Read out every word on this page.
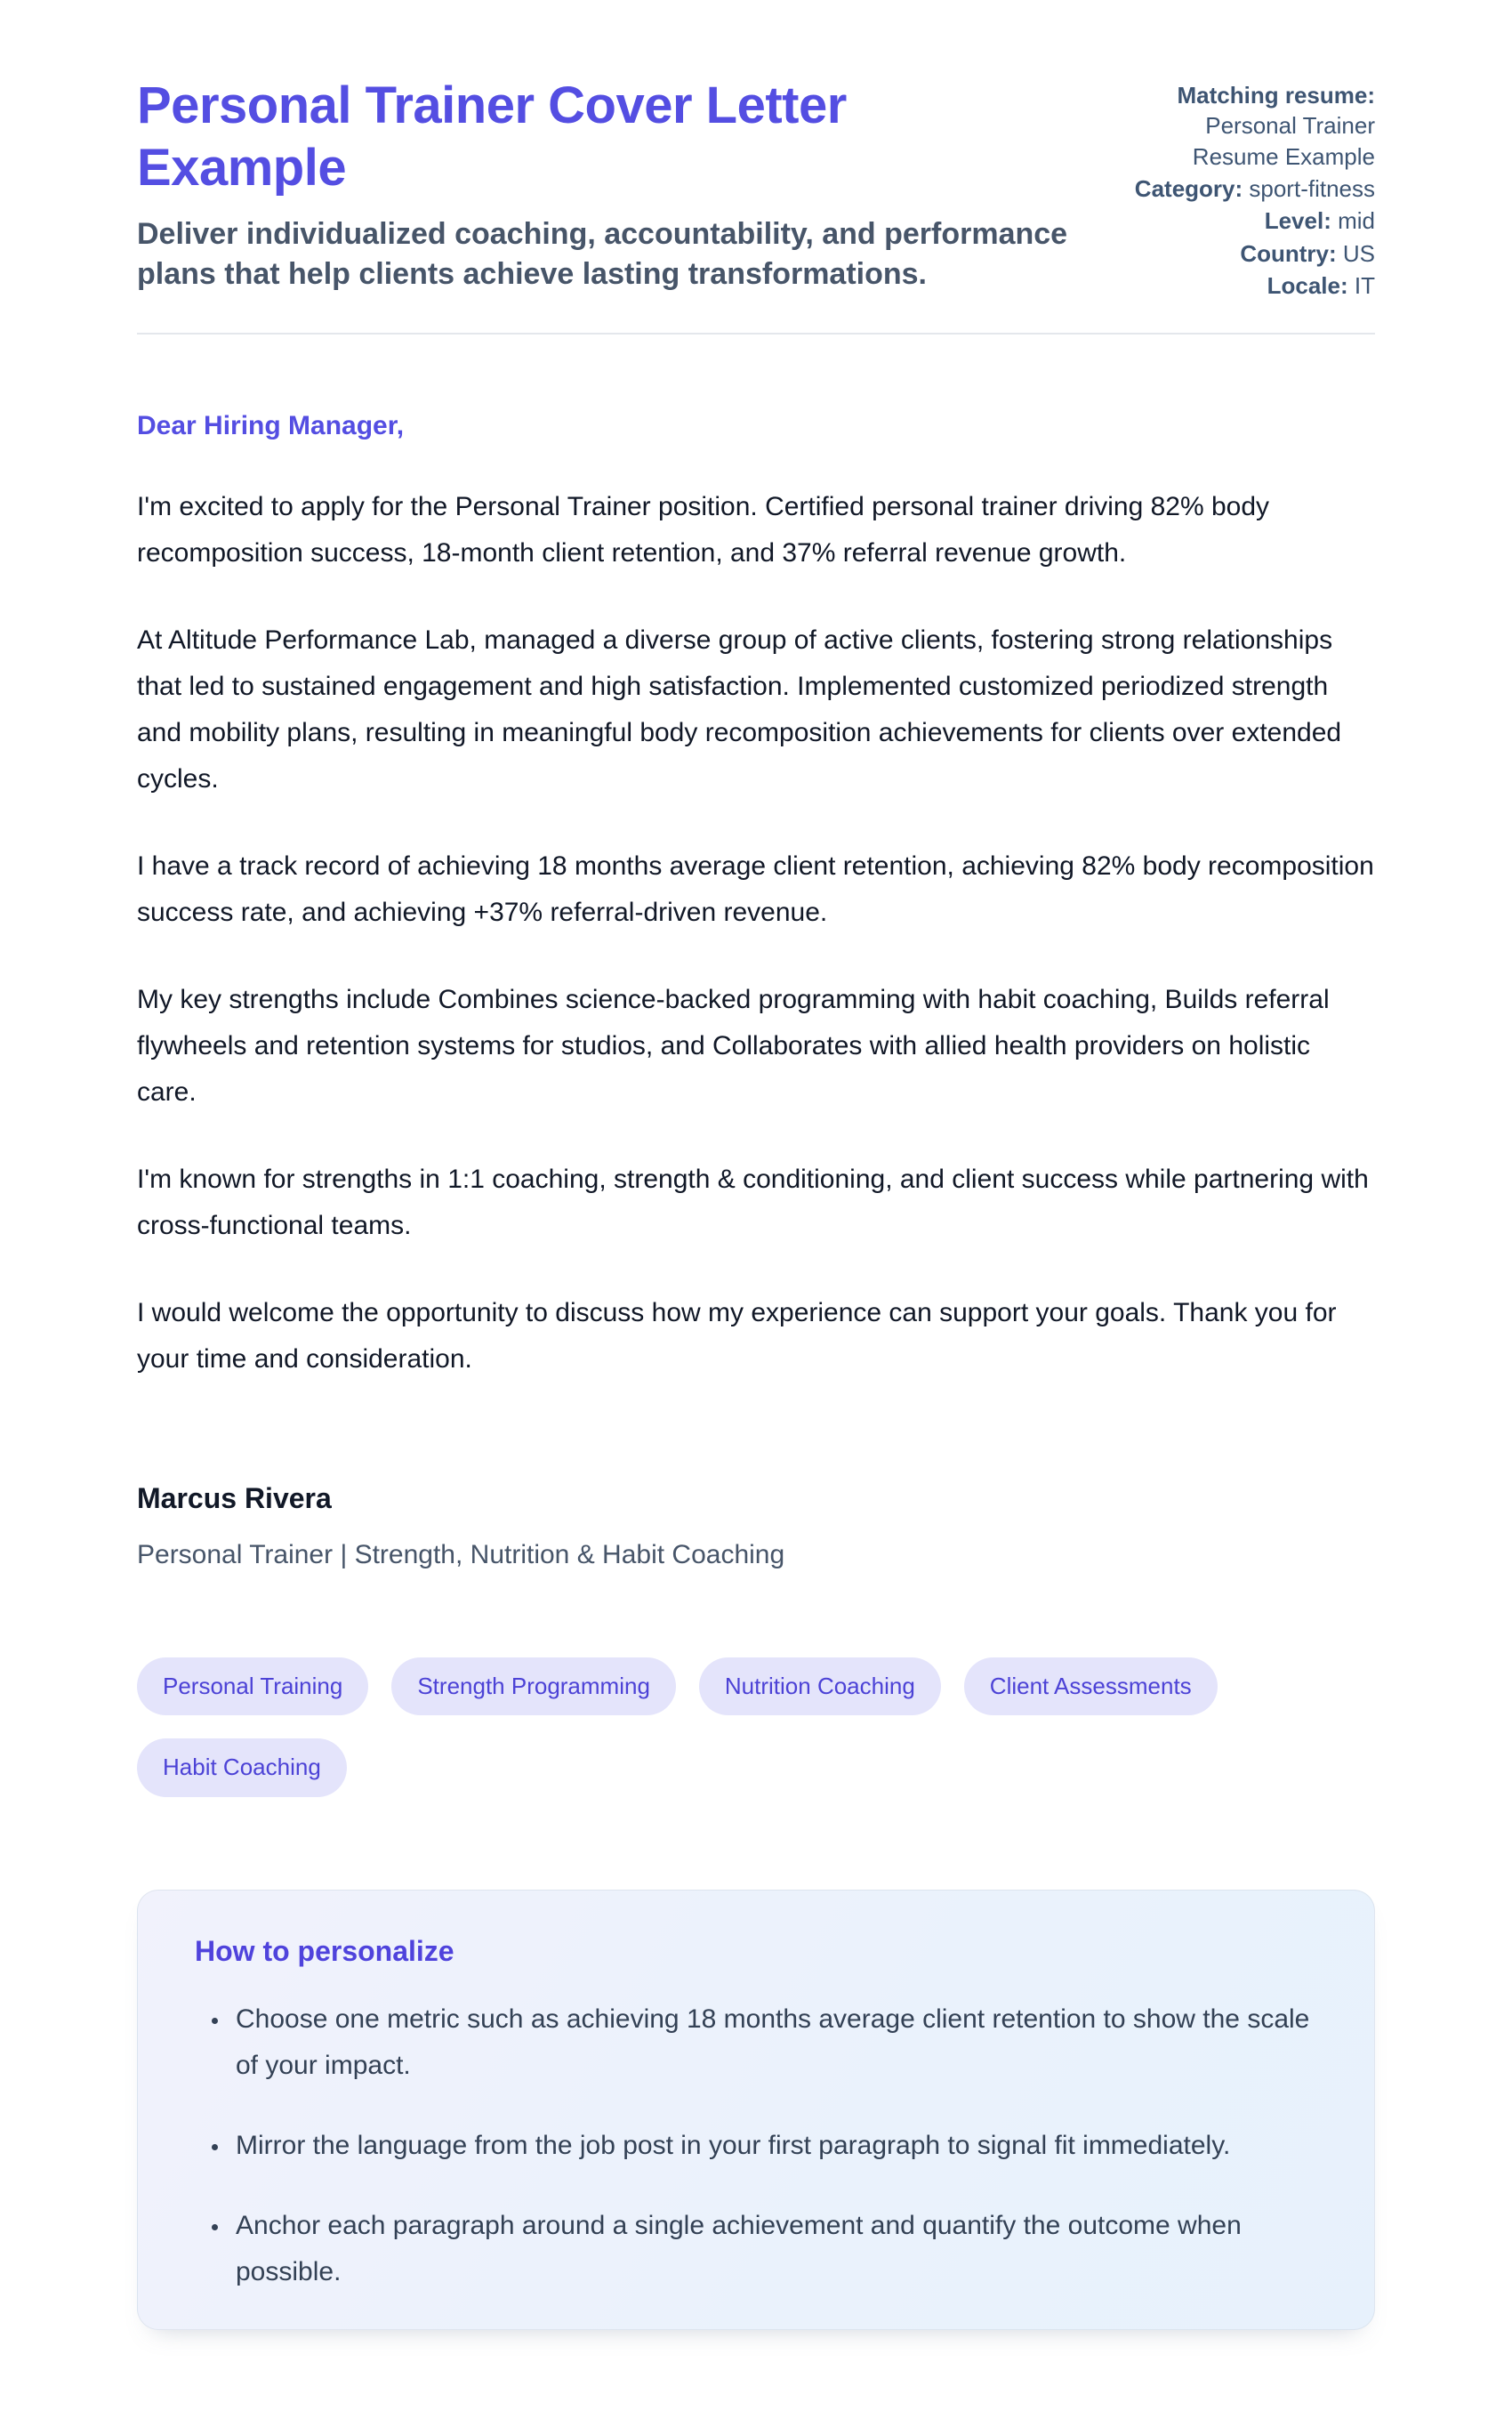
Personal Trainer Cover Letter Example

Deliver individualized coaching, accountability, and performance plans that help clients achieve lasting transformations.

Matching resume: Personal Trainer Resume Example
Category: sport-fitness
Level: mid
Country: US
Locale: IT

Dear Hiring Manager,

I'm excited to apply for the Personal Trainer position. Certified personal trainer driving 82% body recomposition success, 18-month client retention, and 37% referral revenue growth.

At Altitude Performance Lab, managed a diverse group of active clients, fostering strong relationships that led to sustained engagement and high satisfaction. Implemented customized periodized strength and mobility plans, resulting in meaningful body recomposition achievements for clients over extended cycles.

I have a track record of achieving 18 months average client retention, achieving 82% body recomposition success rate, and achieving +37% referral-driven revenue.

My key strengths include Combines science-backed programming with habit coaching, Builds referral flywheels and retention systems for studios, and Collaborates with allied health providers on holistic care.

I'm known for strengths in 1:1 coaching, strength & conditioning, and client success while partnering with cross-functional teams.

I would welcome the opportunity to discuss how my experience can support your goals. Thank you for your time and consideration.

Marcus Rivera

Personal Trainer | Strength, Nutrition & Habit Coaching

Personal Training	Strength Programming	Nutrition Coaching	Client Assessments
Habit Coaching
How to personalize
• Choose one metric such as achieving 18 months average client retention to show the scale of your impact.
• Mirror the language from the job post in your first paragraph to signal fit immediately.
• Anchor each paragraph around a single achievement and quantify the outcome when possible.
